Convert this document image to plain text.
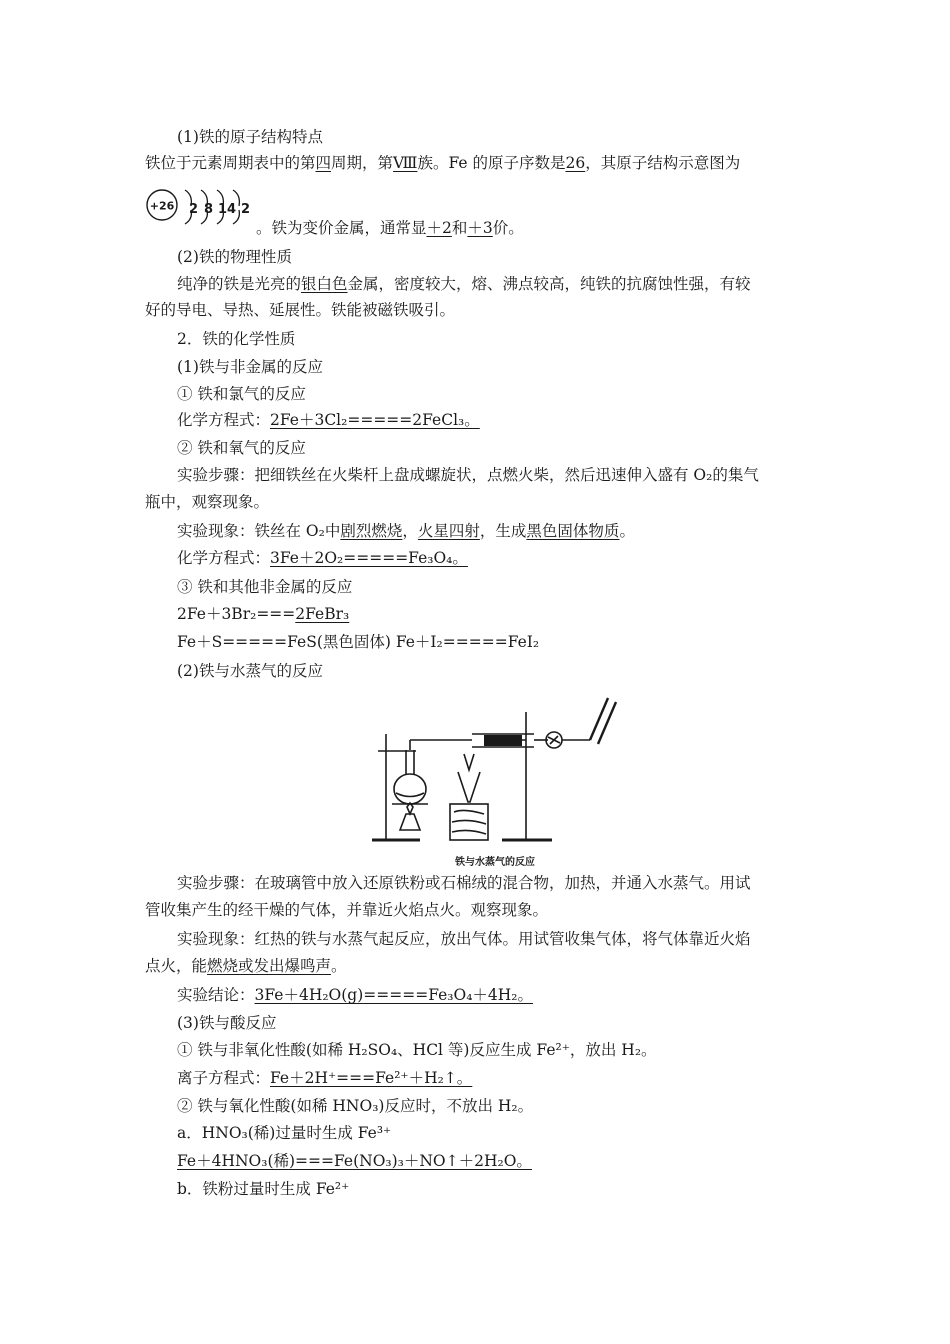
(1)铁的原子结构特点
铁位于元素周期表中的第四周期，第Ⅷ族。Fe 的原子序数是26，其原子结构示意图为
+26 2 8 14 2
。铁为变价金属，通常显＋2和＋3价。
(2)铁的物理性质
纯净的铁是光亮的银白色金属，密度较大，熔、沸点较高，纯铁的抗腐蚀性强，有较
好的导电、导热、延展性。铁能被磁铁吸引。
2．铁的化学性质
(1)铁与非金属的反应
① 铁和氯气的反应
化学方程式：2Fe＋3Cl₂=====2FeCl₃。
② 铁和氧气的反应
实验步骤：把细铁丝在火柴杆上盘成螺旋状，点燃火柴，然后迅速伸入盛有 O₂的集气
瓶中，观察现象。
实验现象：铁丝在 O₂中剧烈燃烧，火星四射，生成黑色固体物质。
化学方程式：3Fe＋2O₂=====Fe₃O₄。
③ 铁和其他非金属的反应
2Fe＋3Br₂===2FeBr₃
Fe＋S=====FeS(黑色固体) Fe＋I₂=====FeI₂
(2)铁与水蒸气的反应
铁与水蒸气的反应
实验步骤：在玻璃管中放入还原铁粉或石棉绒的混合物，加热，并通入水蒸气。用试
管收集产生的经干燥的气体，并靠近火焰点火。观察现象。
实验现象：红热的铁与水蒸气起反应，放出气体。用试管收集气体，将气体靠近火焰
点火，能燃烧或发出爆鸣声。
实验结论：3Fe＋4H₂O(g)=====Fe₃O₄＋4H₂。
(3)铁与酸反应
① 铁与非氧化性酸(如稀 H₂SO₄、HCl 等)反应生成 Fe²⁺，放出 H₂。
离子方程式：Fe＋2H⁺===Fe²⁺＋H₂↑。
② 铁与氧化性酸(如稀 HNO₃)反应时，不放出 H₂。
a．HNO₃(稀)过量时生成 Fe³⁺
Fe＋4HNO₃(稀)===Fe(NO₃)₃＋NO↑＋2H₂O。
b．铁粉过量时生成 Fe²⁺
